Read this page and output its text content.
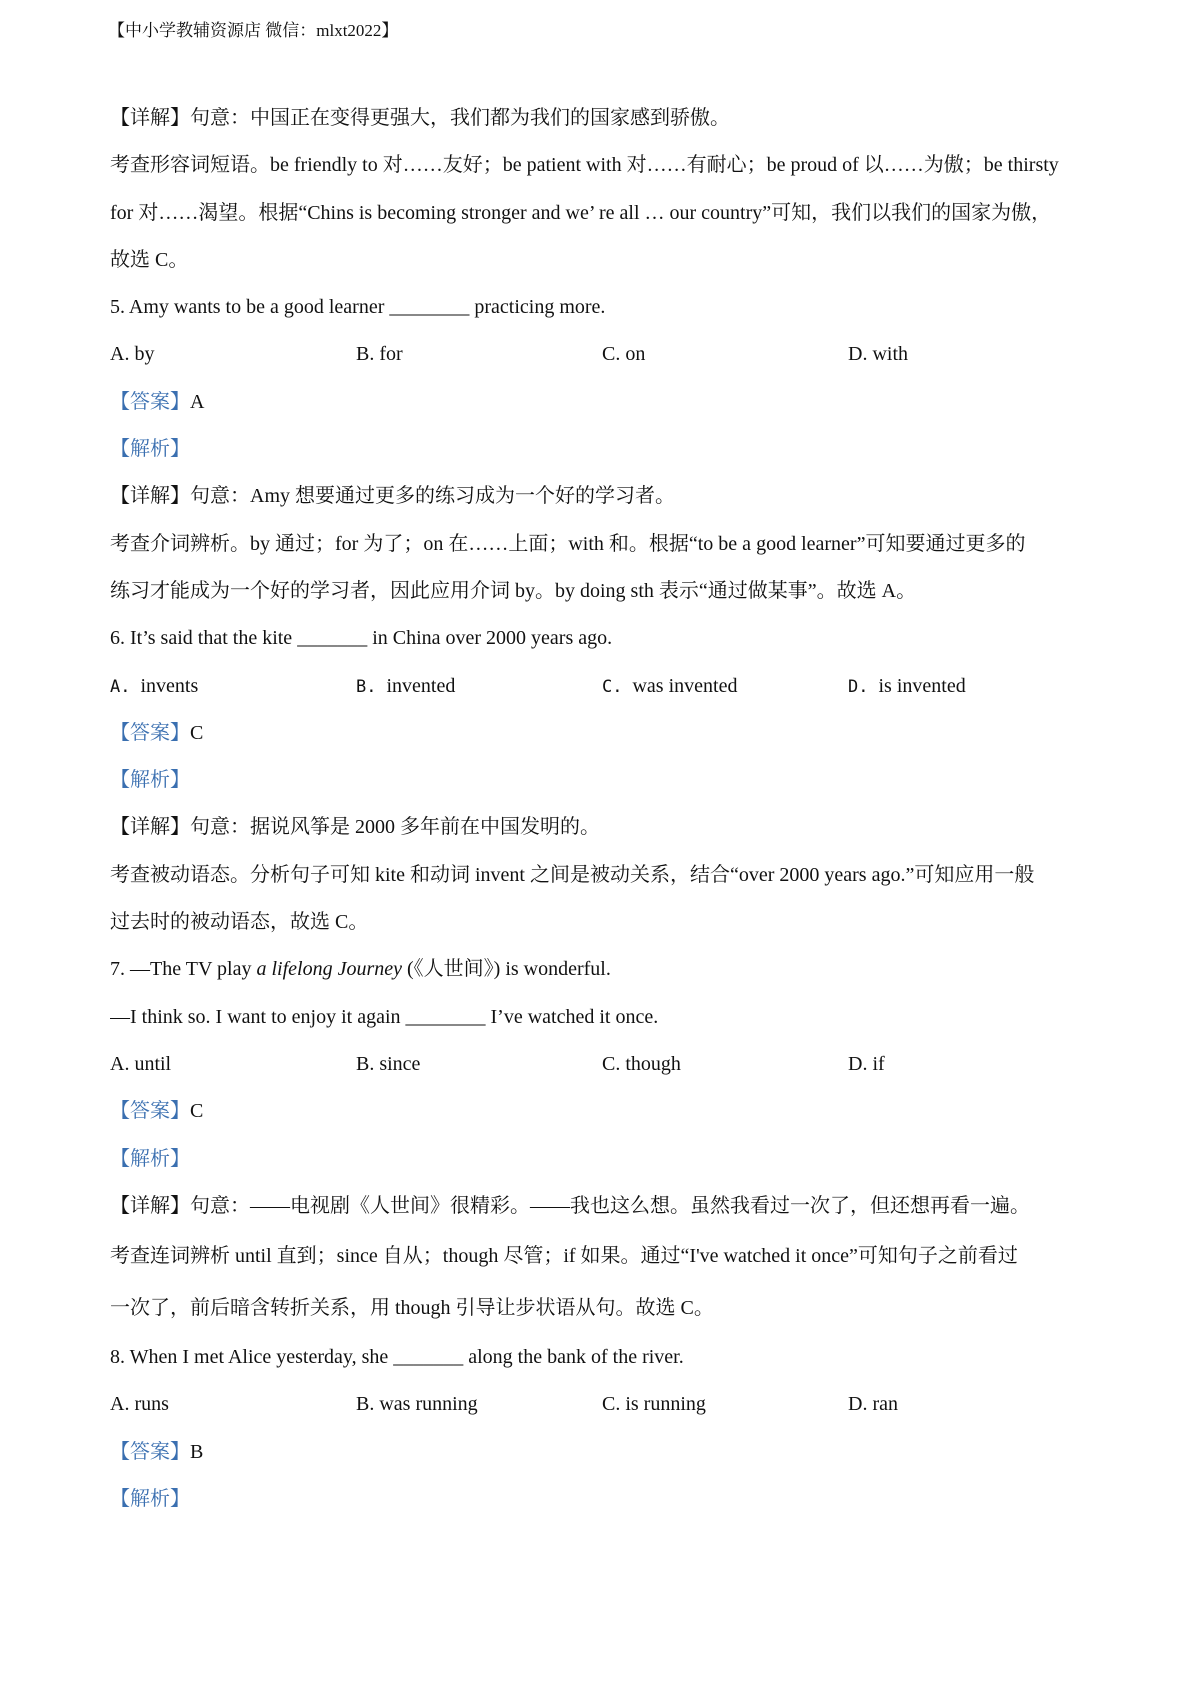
【中小学教辅资源店 微信：mlxt2022】
【详解】句意：中国正在变得更强大，我们都为我们的国家感到骄傲。
考查形容词短语。be friendly to 对……友好；be patient with 对……有耐心；be proud of 以……为傲；be thirsty
for 对……渴望。根据“Chins is becoming stronger and we’ re all … our country”可知，我们以我们的国家为傲，
故选 C。
5. Amy wants to be a good learner ________ practicing more.
A. by	B. for	C. on	D. with
【答案】A
【解析】
【详解】句意：Amy 想要通过更多的练习成为一个好的学习者。
考查介词辨析。by 通过；for 为了；on 在……上面；with 和。根据“to be a good learner”可知要通过更多的
练习才能成为一个好的学习者，因此应用介词 by。by doing sth 表示“通过做某事”。故选 A。
6. It’s said that the kite _______ in China over 2000 years ago.
A. invents	B. invented	C. was invented	D. is invented
【答案】C
【解析】
【详解】句意：据说风筝是 2000 多年前在中国发明的。
考查被动语态。分析句子可知 kite 和动词 invent 之间是被动关系，结合“over 2000 years ago.”可知应用一般
过去时的被动语态，故选 C。
7. —The TV play a lifelong Journey (《人世间》) is wonderful.
—I think so. I want to enjoy it again ________ I’ve watched it once.
A. until	B. since	C. though	D. if
【答案】C
【解析】
【详解】句意：——电视剧《人世间》很精彩。——我也这么想。虽然我看过一次了，但还想再看一遍。
考查连词辨析 until 直到；since 自从；though 尽管；if 如果。通过“I've watched it once”可知句子之前看过
一次了，前后暗含转折关系，用 though 引导让步状语从句。故选 C。
8. When I met Alice yesterday, she _______ along the bank of the river.
A. runs	B. was running	C. is running	D. ran
【答案】B
【解析】
